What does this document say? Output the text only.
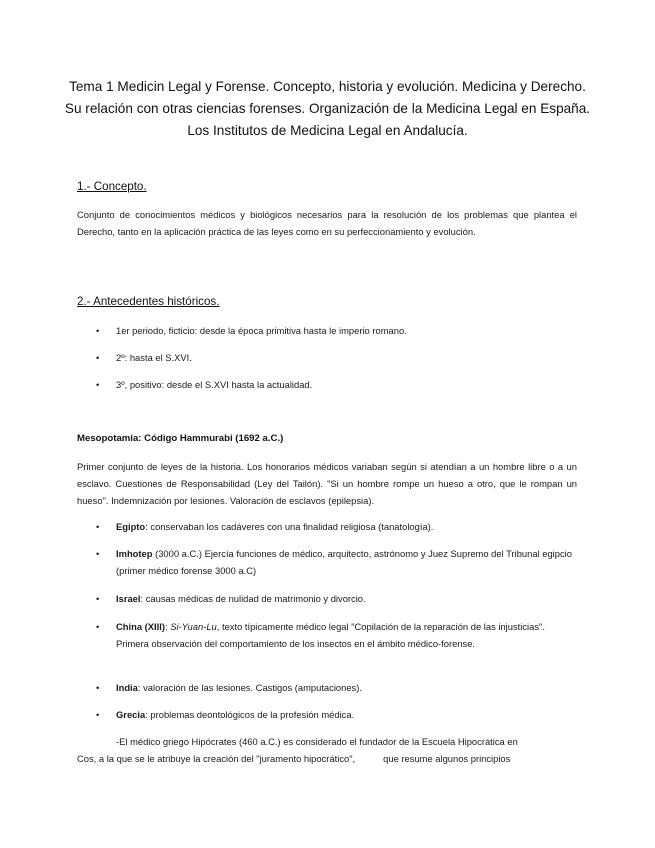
Tema 1 Medicin Legal y Forense. Concepto, historia y evolución. Medicina y Derecho. Su relación con otras ciencias forenses. Organización de la Medicina Legal en España. Los Institutos de Medicina Legal en Andalucía.
1.- Concepto.
Conjunto de conocimientos médicos y biológicos necesarios para la resolución de los problemas que plantea el Derecho, tanto en la aplicación práctica de las leyes como en su perfeccionamiento y evolución.
2.- Antecedentes históricos.
• 1er periodo, ficticio: desde la época primitiva hasta le imperio romano.
• 2º: hasta el S.XVI.
• 3º, positivo: desde el S.XVI hasta la actualidad.
Mesopotamia: Código Hammurabi (1692 a.C.)
Primer conjunto de leyes de la historia. Los honorarios médicos variaban según si atendían a un hombre libre o a un esclavo. Cuestiones de Responsabilidad (Ley del Tailón). "Si un hombre rompe un hueso a otro, que le rompan un hueso". Indemnización por lesiones. Valoración de esclavos (epilepsia).
• Egipto: conservaban los cadáveres con una finalidad religiosa (tanatología).
• Imhotep (3000 a.C.) Ejercía funciones de médico, arquitecto, astrónomo y Juez Supremo del Tribunal egipcio (primer médico forense 3000 a.C)
• Israel: causas médicas de nulidad de matrimonio y divorcio.
• China (XIII): Si-Yuan-Lu, texto típicamente médico legal "Copilación de la reparación de las injusticias". Primera observación del comportamiento de los insectos en el ámbito médico-forense.
• India: valoración de las lesiones. Castigos (amputaciones).
• Grecia: problemas deontológicos de la profesión médica.
-El médico griego Hipócrates (460 a.C.) es considerado el fundador de la Escuela Hipocrática en
Cos, a la que se le atribuye la creación del "juramento hipocrático",	que resume algunos principios
